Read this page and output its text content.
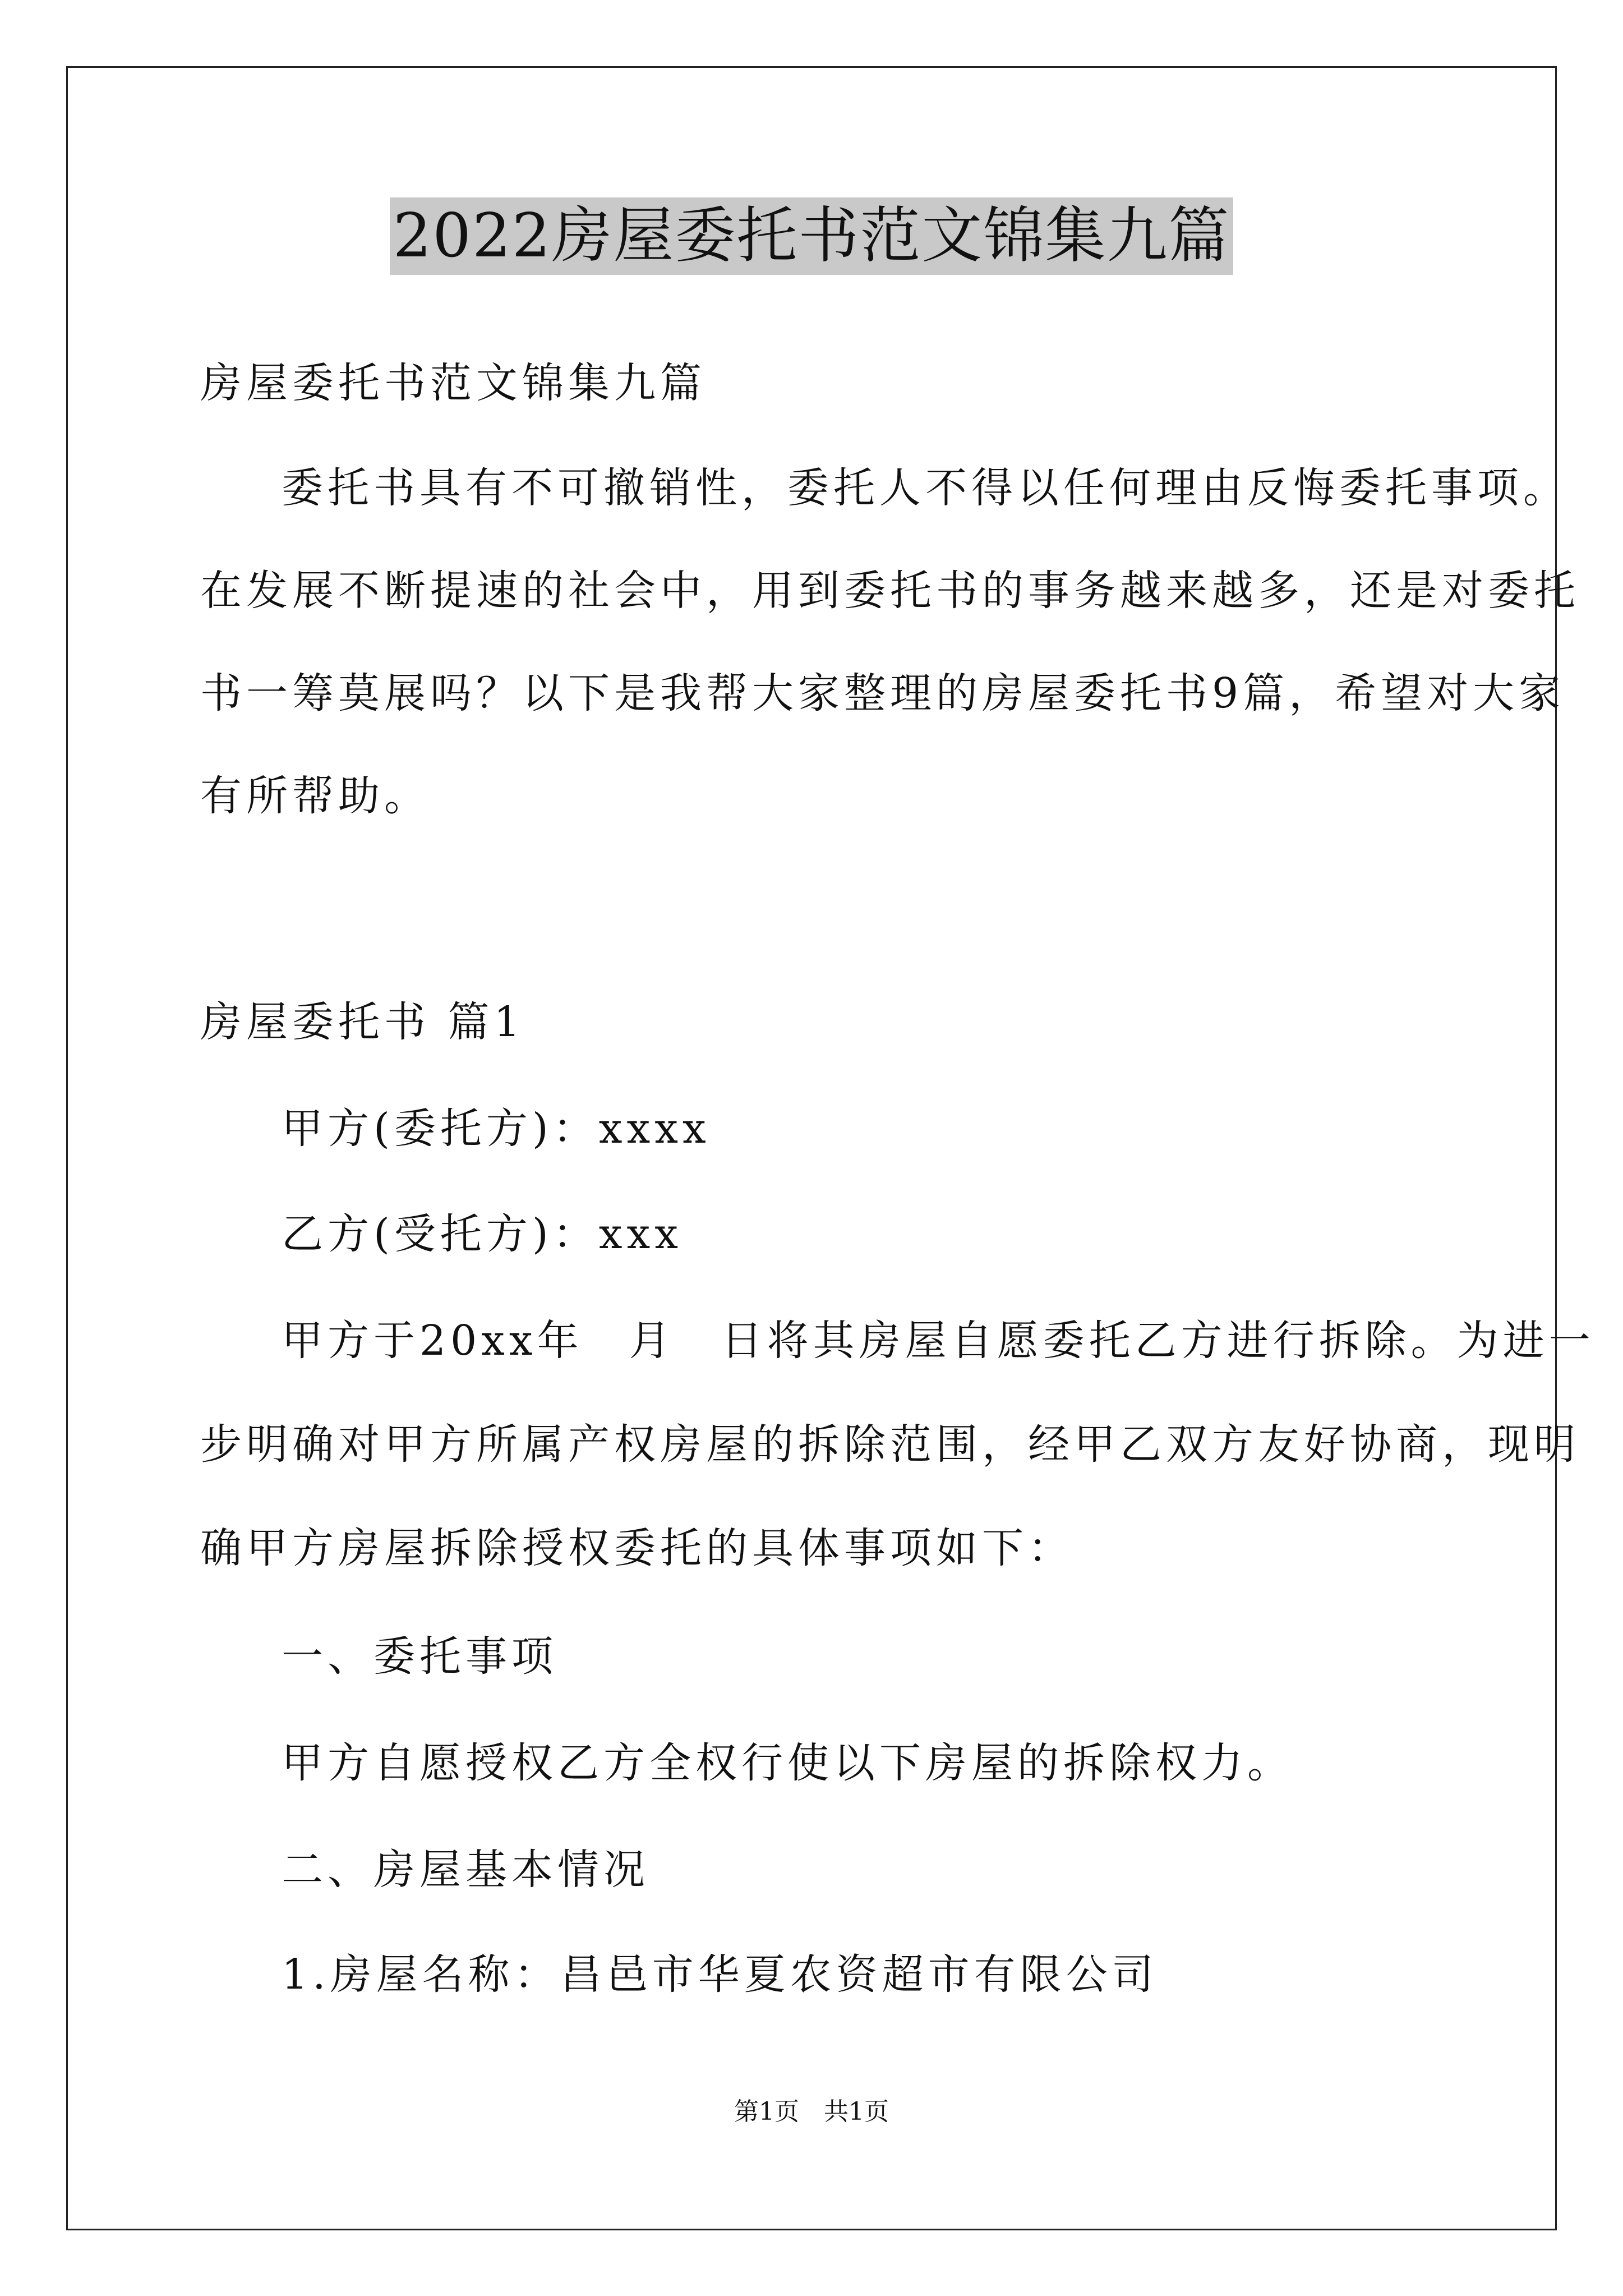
2022房屋委托书范文锦集九篇
房屋委托书范文锦集九篇
委托书具有不可撤销性，委托人不得以任何理由反悔委托事项。
在发展不断提速的社会中，用到委托书的事务越来越多，还是对委托
书一筹莫展吗？以下是我帮大家整理的房屋委托书9篇，希望对大家
有所帮助。
房屋委托书 篇1
甲方(委托方)：xxxx
乙方(受托方)：xxx
甲方于20xx年　月　日将其房屋自愿委托乙方进行拆除。为进一
步明确对甲方所属产权房屋的拆除范围，经甲乙双方友好协商，现明
确甲方房屋拆除授权委托的具体事项如下：
一、委托事项
甲方自愿授权乙方全权行使以下房屋的拆除权力。
二、房屋基本情况
1.房屋名称：昌邑市华夏农资超市有限公司
第1页　共1页
